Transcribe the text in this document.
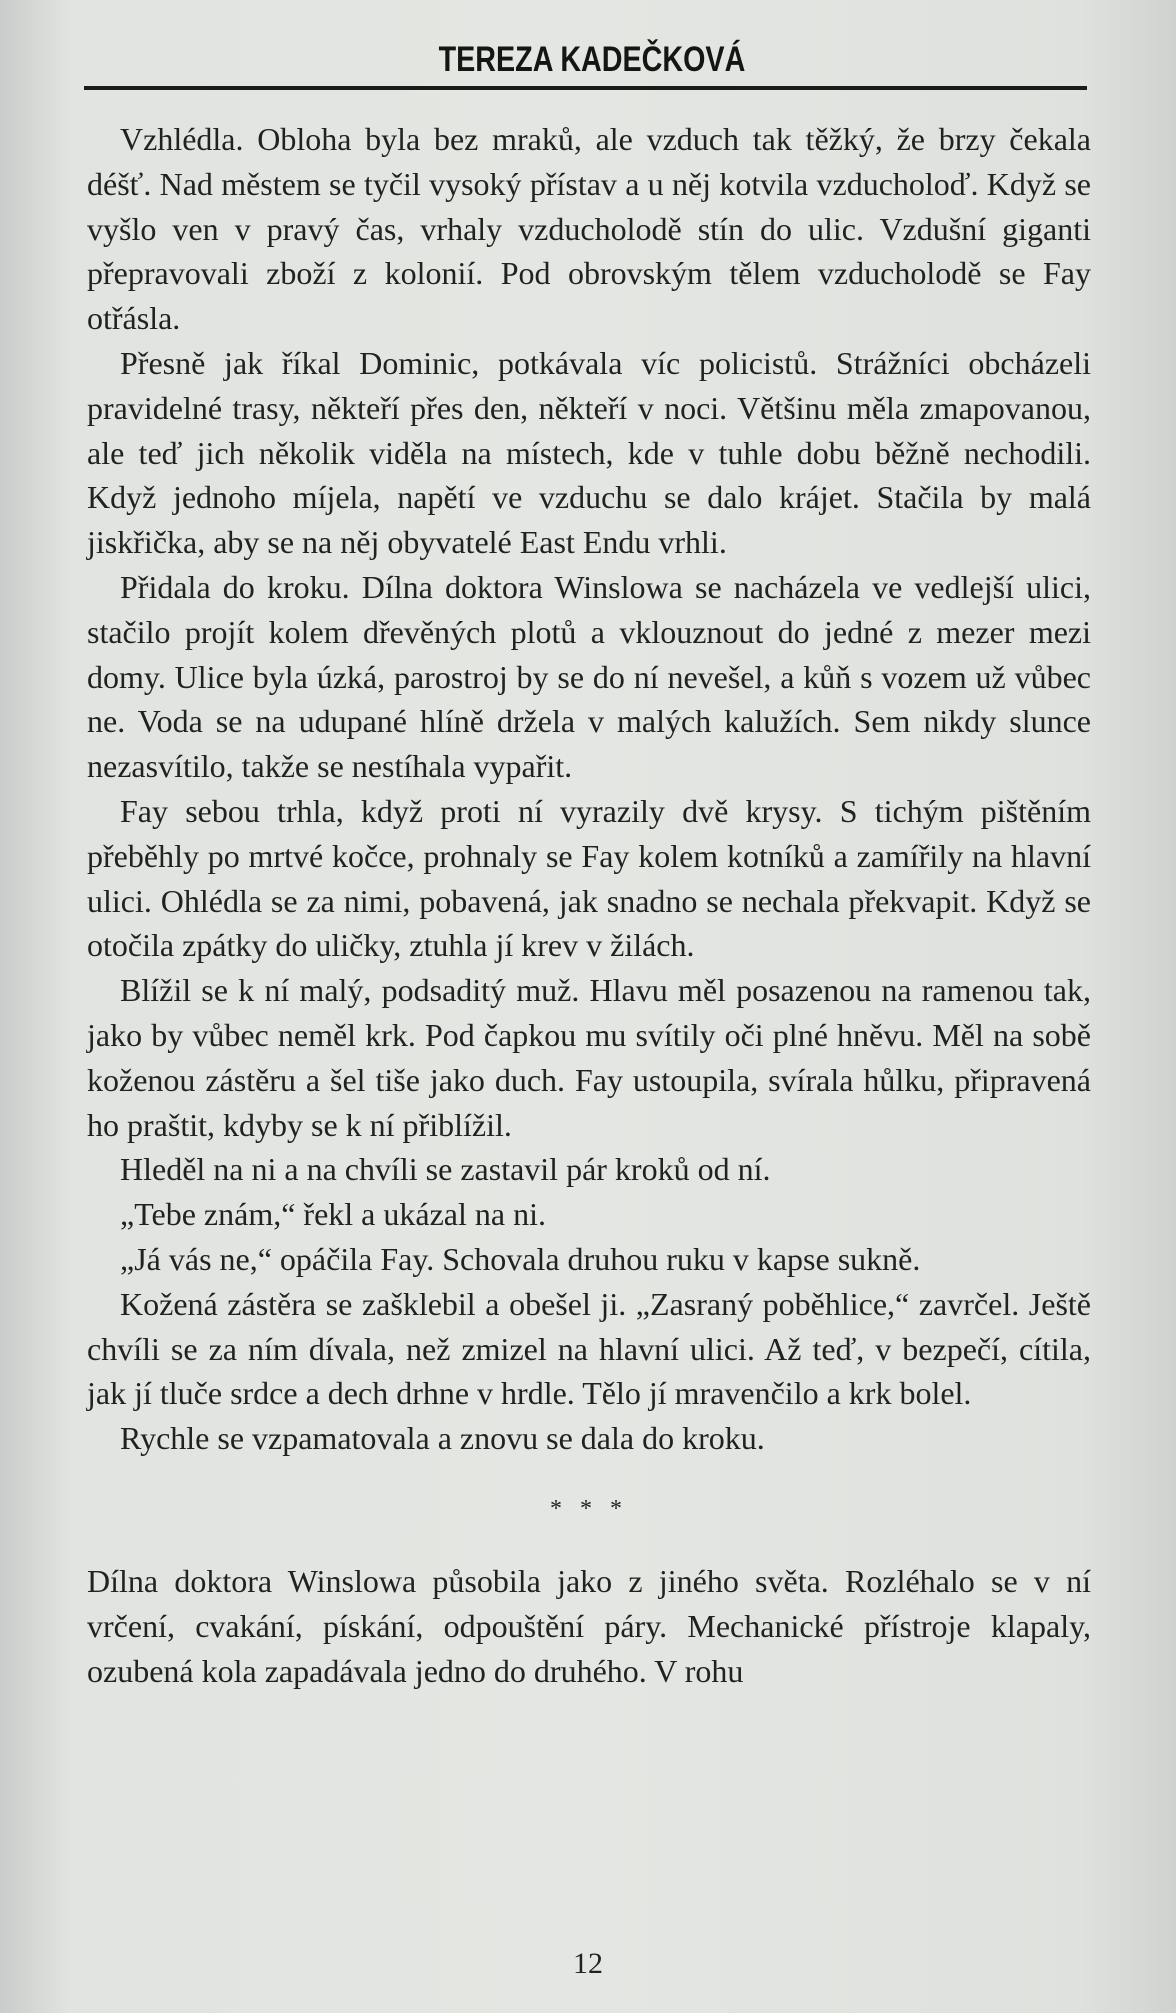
TEREZA KADEČKOVÁ

Vzhlédla. Obloha byla bez mraků, ale vzduch tak těžký, že brzy čekala déšť. Nad městem se tyčil vysoký přístav a u něj kotvila vzducholoď. Když se vyšlo ven v pravý čas, vrhaly vzducholodě stín do ulic. Vzdušní giganti přepravovali zboží z kolonií. Pod obrovským tělem vzducholodě se Fay otřásla.

Přesně jak říkal Dominic, potkávala víc policistů. Strážníci obcházeli pravidelné trasy, někteří přes den, někteří v noci. Většinu měla zmapovanou, ale teď jich několik viděla na místech, kde v tuhle dobu běžně nechodili. Když jednoho míjela, napětí ve vzduchu se dalo krájet. Stačila by malá jiskřička, aby se na něj obyvatelé East Endu vrhli.

Přidala do kroku. Dílna doktora Winslowa se nacházela ve vedlejší ulici, stačilo projít kolem dřevěných plotů a vklouznout do jedné z mezer mezi domy. Ulice byla úzká, parostroj by se do ní nevešel, a kůň s vozem už vůbec ne. Voda se na udupané hlíně držela v malých kalužích. Sem nikdy slunce nezasvítilo, takže se nestíhala vypařit.

Fay sebou trhla, když proti ní vyrazily dvě krysy. S tichým pištěním přeběhly po mrtvé kočce, prohnaly se Fay kolem kotníků a zamířily na hlavní ulici. Ohlédla se za nimi, pobavená, jak snadno se nechala překvapit. Když se otočila zpátky do uličky, ztuhla jí krev v žilách.

Blížil se k ní malý, podsaditý muž. Hlavu měl posazenou na ramenou tak, jako by vůbec neměl krk. Pod čapkou mu svítily oči plné hněvu. Měl na sobě koženou zástěru a šel tiše jako duch. Fay ustoupila, svírala hůlku, připravená ho praštit, kdyby se k ní přiblížil.

Hleděl na ni a na chvíli se zastavil pár kroků od ní.

„Tebe znám,“ řekl a ukázal na ni.

„Já vás ne,“ opáčila Fay. Schovala druhou ruku v kapse sukně.

Kožená zástěra se zašklebil a obešel ji. „Zasraný poběhlice,“ zavrčel. Ještě chvíli se za ním dívala, než zmizel na hlavní ulici. Až teď, v bezpečí, cítila, jak jí tluče srdce a dech drhne v hrdle. Tělo jí mravenčilo a krk bolel.

Rychle se vzpamatovala a znovu se dala do kroku.

* * *

Dílna doktora Winslowa působila jako z jiného světa. Rozléhalo se v ní vrčení, cvakání, pískání, odpouštění páry. Mechanické přístroje klapaly, ozubená kola zapadávala jedno do druhého. V rohu

12
